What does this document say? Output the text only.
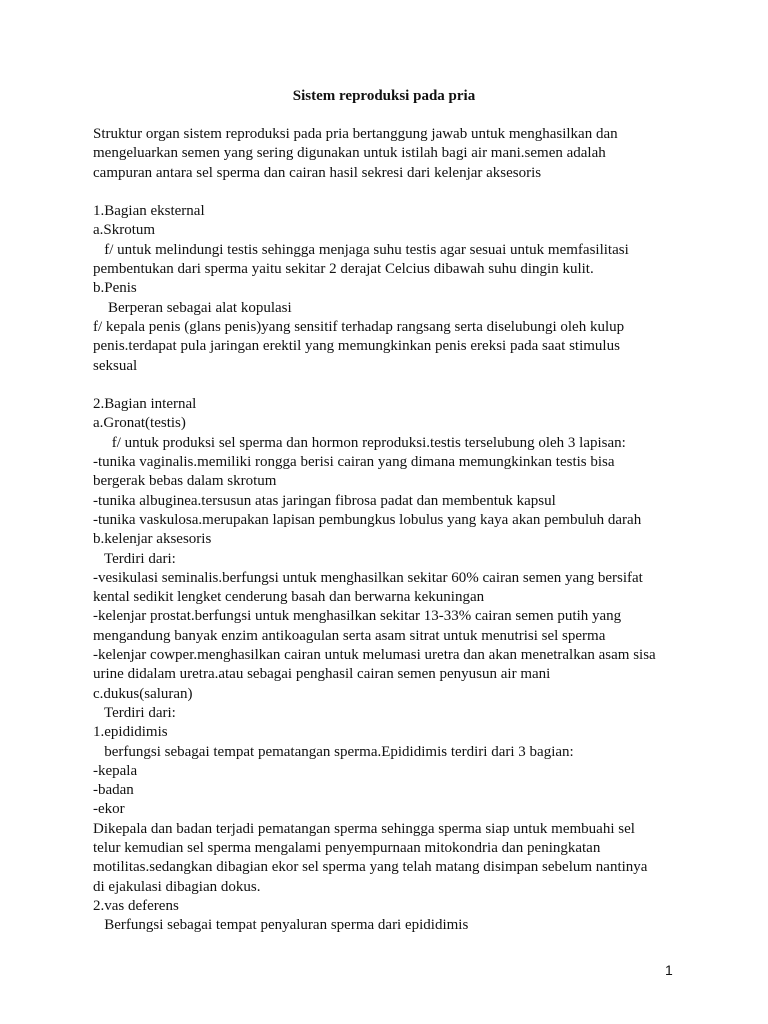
Sistem reproduksi pada pria
Struktur organ sistem reproduksi pada pria bertanggung jawab untuk menghasilkan dan
mengeluarkan semen yang sering digunakan untuk istilah bagi air mani.semen adalah
campuran antara sel sperma dan cairan hasil sekresi dari kelenjar aksesoris
1.Bagian eksternal
a.Skrotum
f/ untuk melindungi testis sehingga menjaga suhu testis agar sesuai untuk memfasilitasi
pembentukan dari sperma yaitu sekitar 2 derajat Celcius dibawah suhu dingin kulit.
b.Penis
Berperan sebagai alat kopulasi
f/ kepala penis (glans penis)yang sensitif terhadap rangsang serta diselubungi oleh kulup
penis.terdapat pula jaringan erektil yang memungkinkan penis ereksi pada saat stimulus
seksual
2.Bagian internal
a.Gronat(testis)
f/ untuk produksi sel sperma dan hormon reproduksi.testis terselubung oleh 3 lapisan:
-tunika vaginalis.memiliki rongga berisi cairan yang dimana memungkinkan testis bisa
bergerak bebas dalam skrotum
-tunika albuginea.tersusun atas jaringan fibrosa padat dan membentuk kapsul
-tunika vaskulosa.merupakan lapisan pembungkus lobulus yang kaya akan pembuluh darah
b.kelenjar aksesoris
Terdiri dari:
-vesikulasi seminalis.berfungsi untuk menghasilkan sekitar 60% cairan semen yang bersifat
kental sedikit lengket cenderung basah dan berwarna kekuningan
-kelenjar prostat.berfungsi untuk menghasilkan sekitar 13-33% cairan semen putih yang
mengandung banyak enzim antikoagulan serta asam sitrat untuk menutrisi sel sperma
-kelenjar cowper.menghasilkan cairan untuk melumasi uretra dan akan menetralkan asam sisa
urine didalam uretra.atau sebagai penghasil cairan semen penyusun air mani
c.dukus(saluran)
Terdiri dari:
1.epididimis
berfungsi sebagai tempat pematangan sperma.Epididimis terdiri dari 3 bagian:
-kepala
-badan
-ekor
Dikepala dan badan terjadi pematangan sperma sehingga sperma siap untuk membuahi sel
telur kemudian sel sperma mengalami penyempurnaan mitokondria dan peningkatan
motilitas.sedangkan dibagian ekor sel sperma yang telah matang disimpan sebelum nantinya
di ejakulasi dibagian dokus.
2.vas deferens
Berfungsi sebagai tempat penyaluran sperma dari epididimis
1
